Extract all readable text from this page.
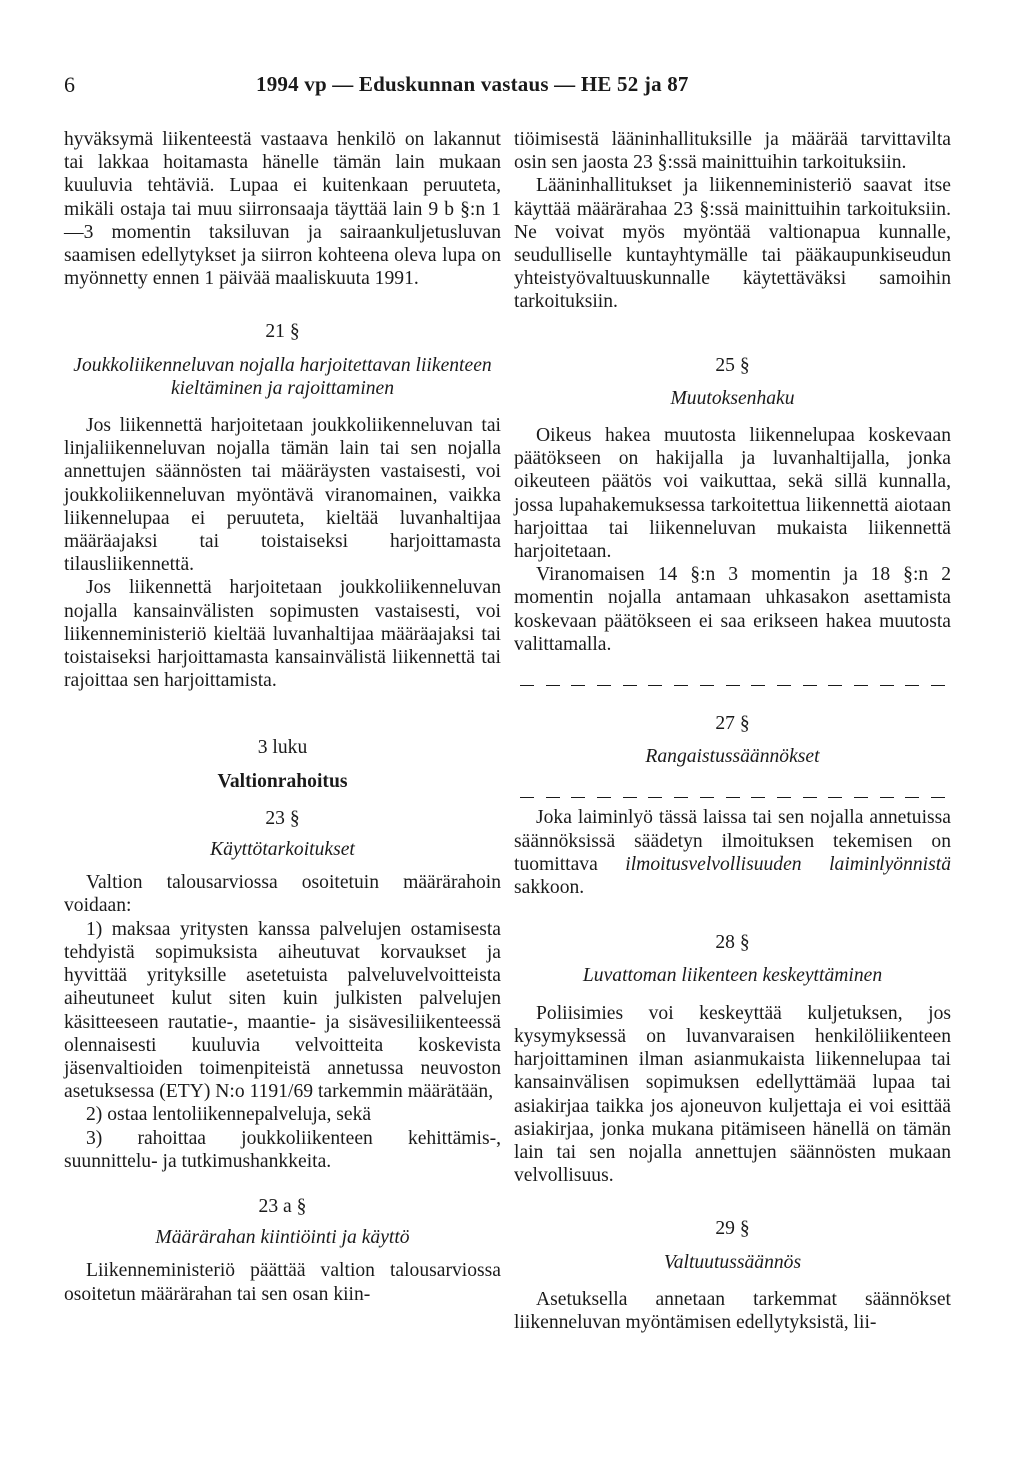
6	1994 vp — Eduskunnan vastaus — HE 52 ja 87

hyväksymä liikenteestä vastaava henkilö on lakannut tai lakkaa hoitamasta hänelle tämän lain mukaan kuuluvia tehtäviä. Lupaa ei kuitenkaan peruuteta, mikäli ostaja tai muu siirronsaaja täyttää lain 9 b §:n 1—3 momentin taksiluvan ja sairaankuljetusluvan saamisen edellytykset ja siirron kohteena oleva lupa on myönnetty ennen 1 päivää maaliskuuta 1991.

21 §
Joukkoliikenneluvan nojalla harjoitettavan liikenteen kieltäminen ja rajoittaminen

Jos liikennettä harjoitetaan joukkoliikenneluvan tai linjaliikenneluvan nojalla tämän lain tai sen nojalla annettujen säännösten tai määräysten vastaisesti, voi joukkoliikenneluvan myöntävä viranomainen, vaikka liikennelupaa ei peruuteta, kieltää luvanhaltijaa määräajaksi tai toistaiseksi harjoittamasta tilausliikennettä.

Jos liikennettä harjoitetaan joukkoliikenneluvan nojalla kansainvälisten sopimusten vastaisesti, voi liikenneministeriö kieltää luvanhaltijaa määräajaksi tai toistaiseksi harjoittamasta kansainvälistä liikennettä tai rajoittaa sen harjoittamista.

3 luku
Valtionrahoitus
23 §
Käyttötarkoitukset

Valtion talousarviossa osoitetuin määrärahoin voidaan:

1) maksaa yritysten kanssa palvelujen ostamisesta tehdyistä sopimuksista aiheutuvat korvaukset ja hyvittää yrityksille asetetuista palveluvelvoitteista aiheutuneet kulut siten kuin julkisten palvelujen käsitteeseen rautatie-, maantie- ja sisävesiliikenteessä olennaisesti kuuluvia velvoitteita koskevista jäsenvaltioiden toimenpiteistä annetussa neuvoston asetuksessa (ETY) N:o 1191/69 tarkemmin määrätään,

2) ostaa lentoliikennepalveluja, sekä

3) rahoittaa joukkoliikenteen kehittämis-, suunnittelu- ja tutkimushankkeita.

23 a §
Määrärahan kiintiöinti ja käyttö

Liikenneministeriö päättää valtion talousarviossa osoitetun määrärahan tai sen osan kiin-

tiöimisestä lääninhallituksille ja määrää tarvittavilta osin sen jaosta 23 §:ssä mainittuihin tarkoituksiin.

Lääninhallitukset ja liikenneministeriö saavat itse käyttää määrärahaa 23 §:ssä mainittuihin tarkoituksiin. Ne voivat myös myöntää valtionapua kunnalle, seudulliselle kuntayhtymälle tai pääkaupunkiseudun yhteistyövaltuuskunnalle käytettäväksi samoihin tarkoituksiin.

25 §
Muutoksenhaku

Oikeus hakea muutosta liikennelupaa koskevaan päätökseen on hakijalla ja luvanhaltijalla, jonka oikeuteen päätös voi vaikuttaa, sekä sillä kunnalla, jossa lupahakemuksessa tarkoitettua liikennettä aiotaan harjoittaa tai liikenneluvan mukaista liikennettä harjoitetaan.

Viranomaisen 14 §:n 3 momentin ja 18 §:n 2 momentin nojalla antamaan uhkasakon asettamista koskevaan päätökseen ei saa erikseen hakea muutosta valittamalla.

27 §
Rangaistussäännökset

Joka laiminlyö tässä laissa tai sen nojalla annetuissa säännöksissä säädetyn ilmoituksen tekemisen on tuomittava ilmoitusvelvollisuuden laiminlyönnistä sakkoon.

28 §
Luvattoman liikenteen keskeyttäminen

Poliisimies voi keskeyttää kuljetuksen, jos kysymyksessä on luvanvaraisen henkilöliikenteen harjoittaminen ilman asianmukaista liikennelupaa tai kansainvälisen sopimuksen edellyttämää lupaa tai asiakirjaa taikka jos ajoneuvon kuljettaja ei voi esittää asiakirjaa, jonka mukana pitämiseen hänellä on tämän lain tai sen nojalla annettujen säännösten mukaan velvollisuus.

29 §
Valtuutussäännös

Asetuksella annetaan tarkemmat säännökset liikenneluvan myöntämisen edellytyksistä, lii-
